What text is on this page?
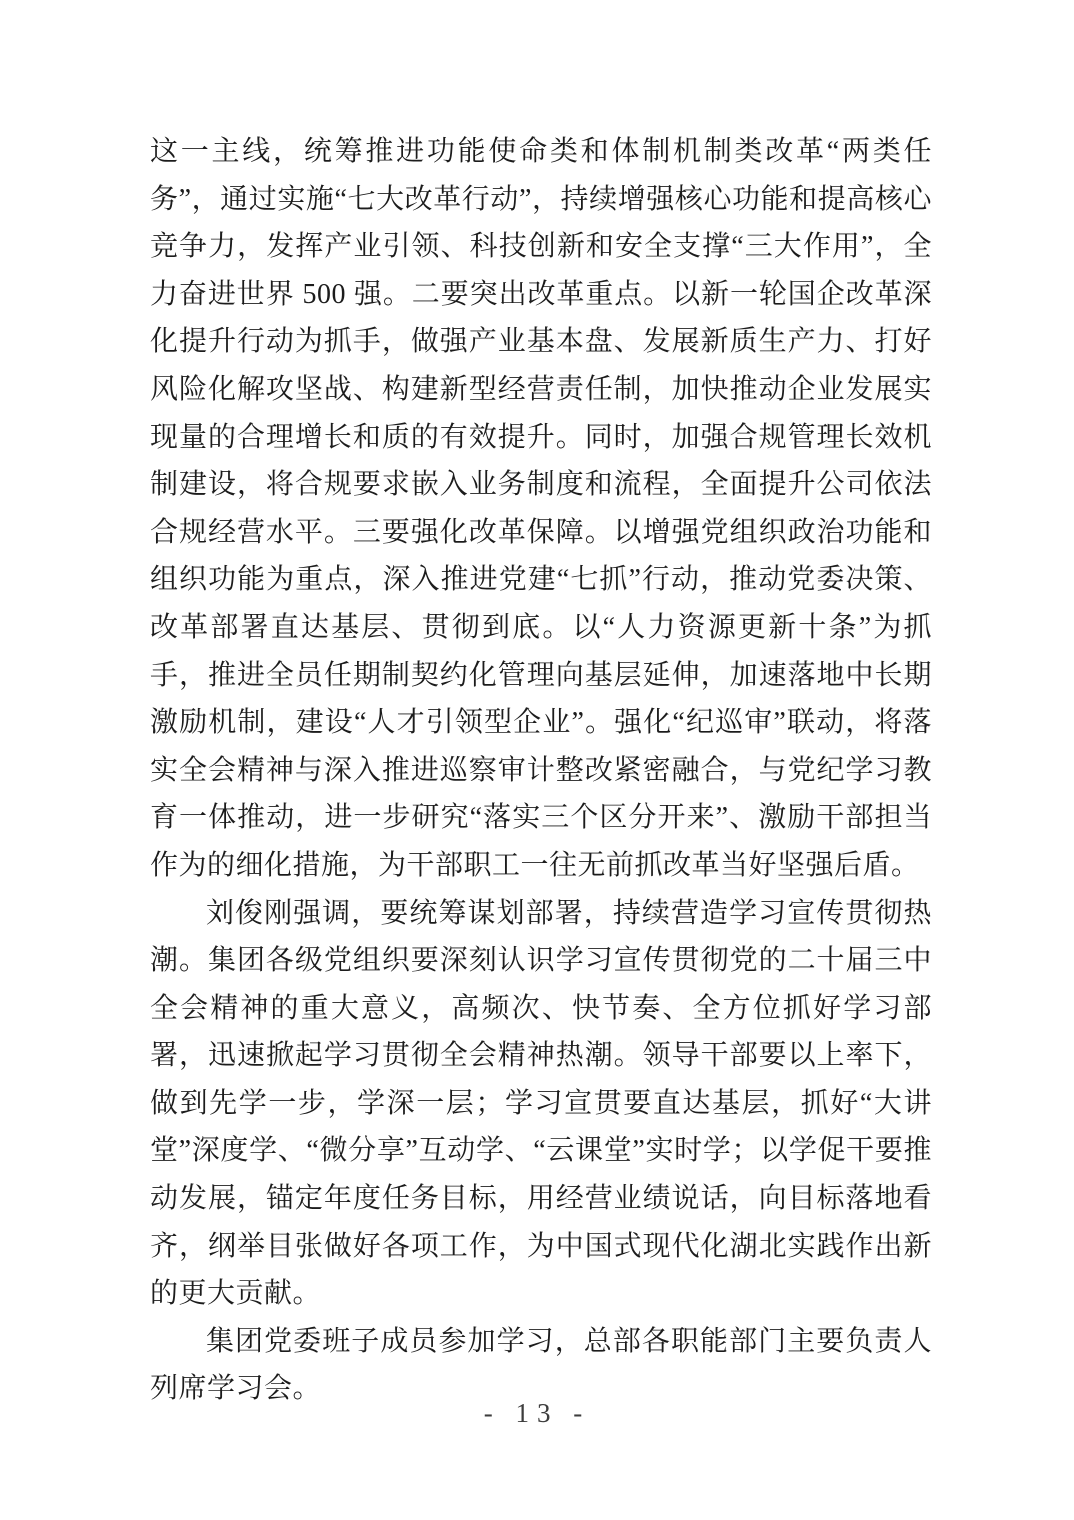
这一主线，统筹推进功能使命类和体制机制类改革“两类任务”，通过实施“七大改革行动”，持续增强核心功能和提高核心竞争力，发挥产业引领、科技创新和安全支撑“三大作用”，全力奋进世界 500 强。二要突出改革重点。以新一轮国企改革深化提升行动为抓手，做强产业基本盘、发展新质生产力、打好风险化解攻坚战、构建新型经营责任制，加快推动企业发展实现量的合理增长和质的有效提升。同时，加强合规管理长效机制建设，将合规要求嵌入业务制度和流程，全面提升公司依法合规经营水平。三要强化改革保障。以增强党组织政治功能和组织功能为重点，深入推进党建“七抓”行动，推动党委决策、改革部署直达基层、贯彻到底。以“人力资源更新十条”为抓手，推进全员任期制契约化管理向基层延伸，加速落地中长期激励机制，建设“人才引领型企业”。强化“纪巡审”联动，将落实全会精神与深入推进巡察审计整改紧密融合，与党纪学习教育一体推动，进一步研究“落实三个区分开来”、激励干部担当作为的细化措施，为干部职工一往无前抓改革当好坚强后盾。

刘俊刚强调，要统筹谋划部署，持续营造学习宣传贯彻热潮。集团各级党组织要深刻认识学习宣传贯彻党的二十届三中全会精神的重大意义，高频次、快节奏、全方位抓好学习部署，迅速掀起学习贯彻全会精神热潮。领导干部要以上率下，做到先学一步，学深一层；学习宣贯要直达基层，抓好“大讲堂”深度学、“微分享”互动学、“云课堂”实时学；以学促干要推动发展，锚定年度任务目标，用经营业绩说话，向目标落地看齐，纲举目张做好各项工作，为中国式现代化湖北实践作出新的更大贡献。

集团党委班子成员参加学习，总部各职能部门主要负责人列席学习会。

- 13 -
